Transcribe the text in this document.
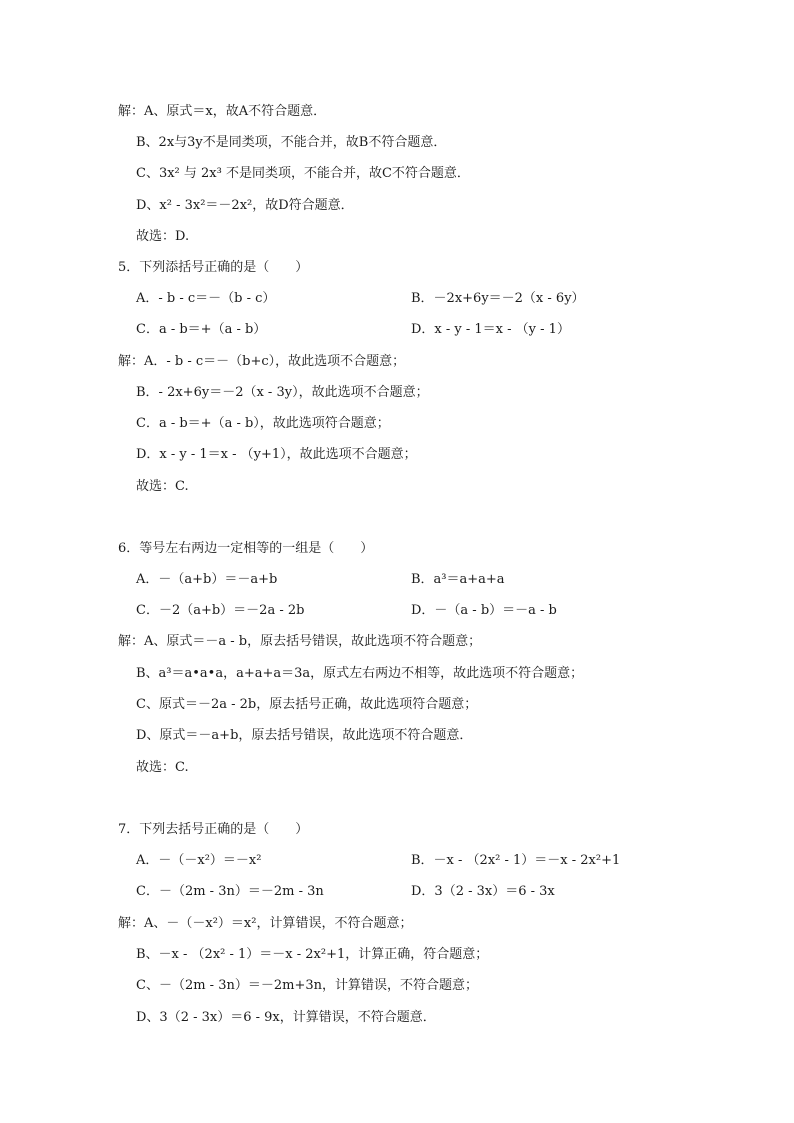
解：A、原式＝x，故A不符合题意．
B、2x与3y不是同类项，不能合并，故B不符合题意．
C、3x² 与 2x³ 不是同类项，不能合并，故C不符合题意．
D、x² - 3x²＝－2x²，故D符合题意．
故选：D.
5．下列添括号正确的是（　　）
A．- b - c＝－（b - c）	B．－2x+6y＝－2（x - 6y）
C．a - b＝+（a - b）	D．x - y - 1＝x - （y - 1）
解：A．- b - c＝－（b+c），故此选项不合题意；
B．- 2x+6y＝－2（x - 3y），故此选项不合题意；
C．a - b＝+（a - b），故此选项符合题意；
D．x - y - 1＝x - （y+1），故此选项不合题意；
故选：C.
6．等号左右两边一定相等的一组是（　　）
A．－（a+b）＝－a+b	B．a³＝a+a+a
C．－2（a+b）＝－2a - 2b	D．－（a - b）＝－a - b
解：A、原式＝－a - b，原去括号错误，故此选项不符合题意；
B、a³＝a•a•a，a+a+a＝3a，原式左右两边不相等，故此选项不符合题意；
C、原式＝－2a - 2b，原去括号正确，故此选项符合题意；
D、原式＝－a+b，原去括号错误，故此选项不符合题意．
故选：C.
7．下列去括号正确的是（　　）
A．－（－x²）＝－x²	B．－x - （2x² - 1）＝－x - 2x²+1
C．－（2m - 3n）＝－2m - 3n	D．3（2 - 3x）＝6 - 3x
解：A、－（－x²）＝x²，计算错误，不符合题意；
B、－x - （2x² - 1）＝－x - 2x²+1，计算正确，符合题意；
C、－（2m - 3n）＝－2m+3n，计算错误，不符合题意；
D、3（2 - 3x）＝6 - 9x，计算错误，不符合题意．
